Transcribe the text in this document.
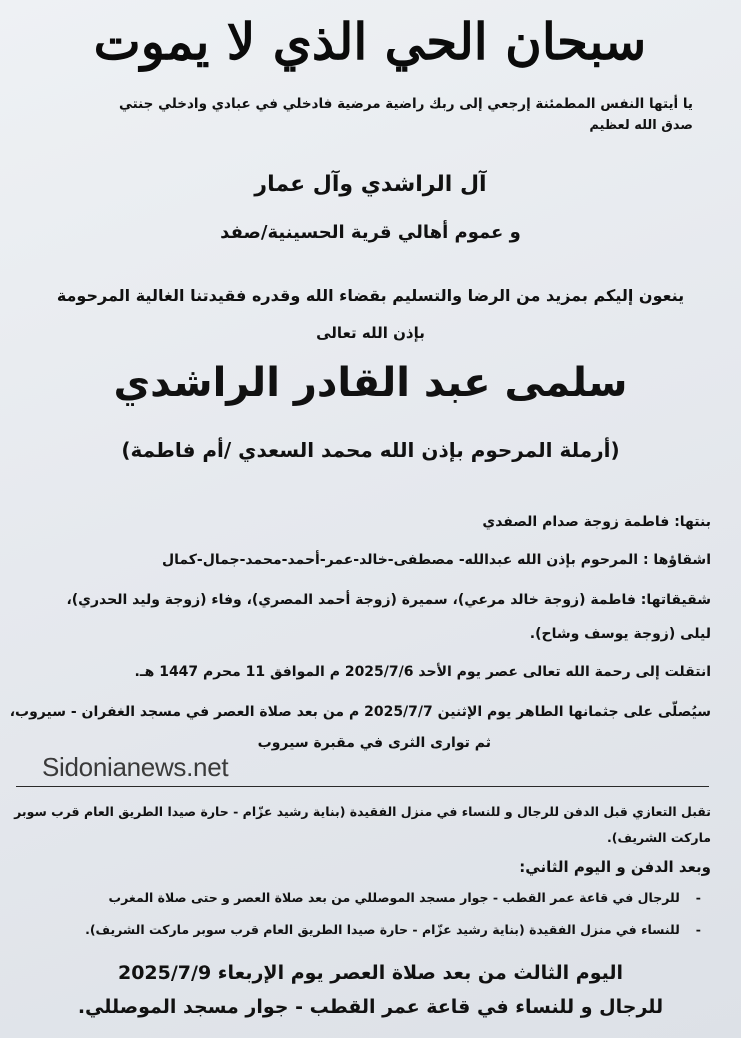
سبحان الحي الذي لا يموت
يا أيتها النفس المطمئنة إرجعي إلى ربك راضية مرضية فادخلي في عبادي وادخلي جنتي
صدق الله لعظيم
آل الراشدي وآل عمار
و عموم أهالي قرية الحسينية/صفد
ينعون إليكم بمزيد من الرضا والتسليم بقضاء الله وقدره فقيدتنا الغالية المرحومة
بإذن الله تعالى
سلمى عبد القادر الراشدي
(أرملة المرحوم بإذن الله محمد السعدي /أم فاطمة)
بنتها: فاطمة زوجة صدام الصفدي
اشقاؤها : المرحوم بإذن الله عبدالله- مصطفى-خالد-عمر-أحمد-محمد-جمال-كمال
شقيقاتها: فاطمة (زوجة خالد مرعي)، سميرة (زوجة أحمد المصري)، وفاء (زوجة وليد الحدري)،
ليلى (زوجة يوسف وشاح).
انتقلت إلى رحمة الله تعالى عصر يوم الأحد 2025/7/6 م الموافق 11 محرم 1447 هـ.
سيُصلّى على جثمانها الطاهر يوم الإثنين 2025/7/7 م من بعد صلاة العصر في مسجد الغفران - سيروب،
ثم توارى الثرى في مقبرة سيروب
Sidonianews.net
تقبل التعازي قبل الدفن للرجال و للنساء في منزل الفقيدة (بناية رشيد عزّام - حارة صيدا الطريق العام قرب سوبر
ماركت الشريف).
وبعد الدفن و اليوم الثاني:
-للرجال في قاعة عمر القطب - جوار مسجد الموصللي من بعد صلاة العصر و حتى صلاة المغرب
-للنساء في منزل الفقيدة (بناية رشيد عزّام - حارة صيدا الطريق العام قرب سوبر ماركت الشريف).
اليوم الثالث من بعد صلاة العصر يوم الإربعاء 2025/7/9
للرجال و للنساء في قاعة عمر القطب - جوار مسجد الموصللي.
